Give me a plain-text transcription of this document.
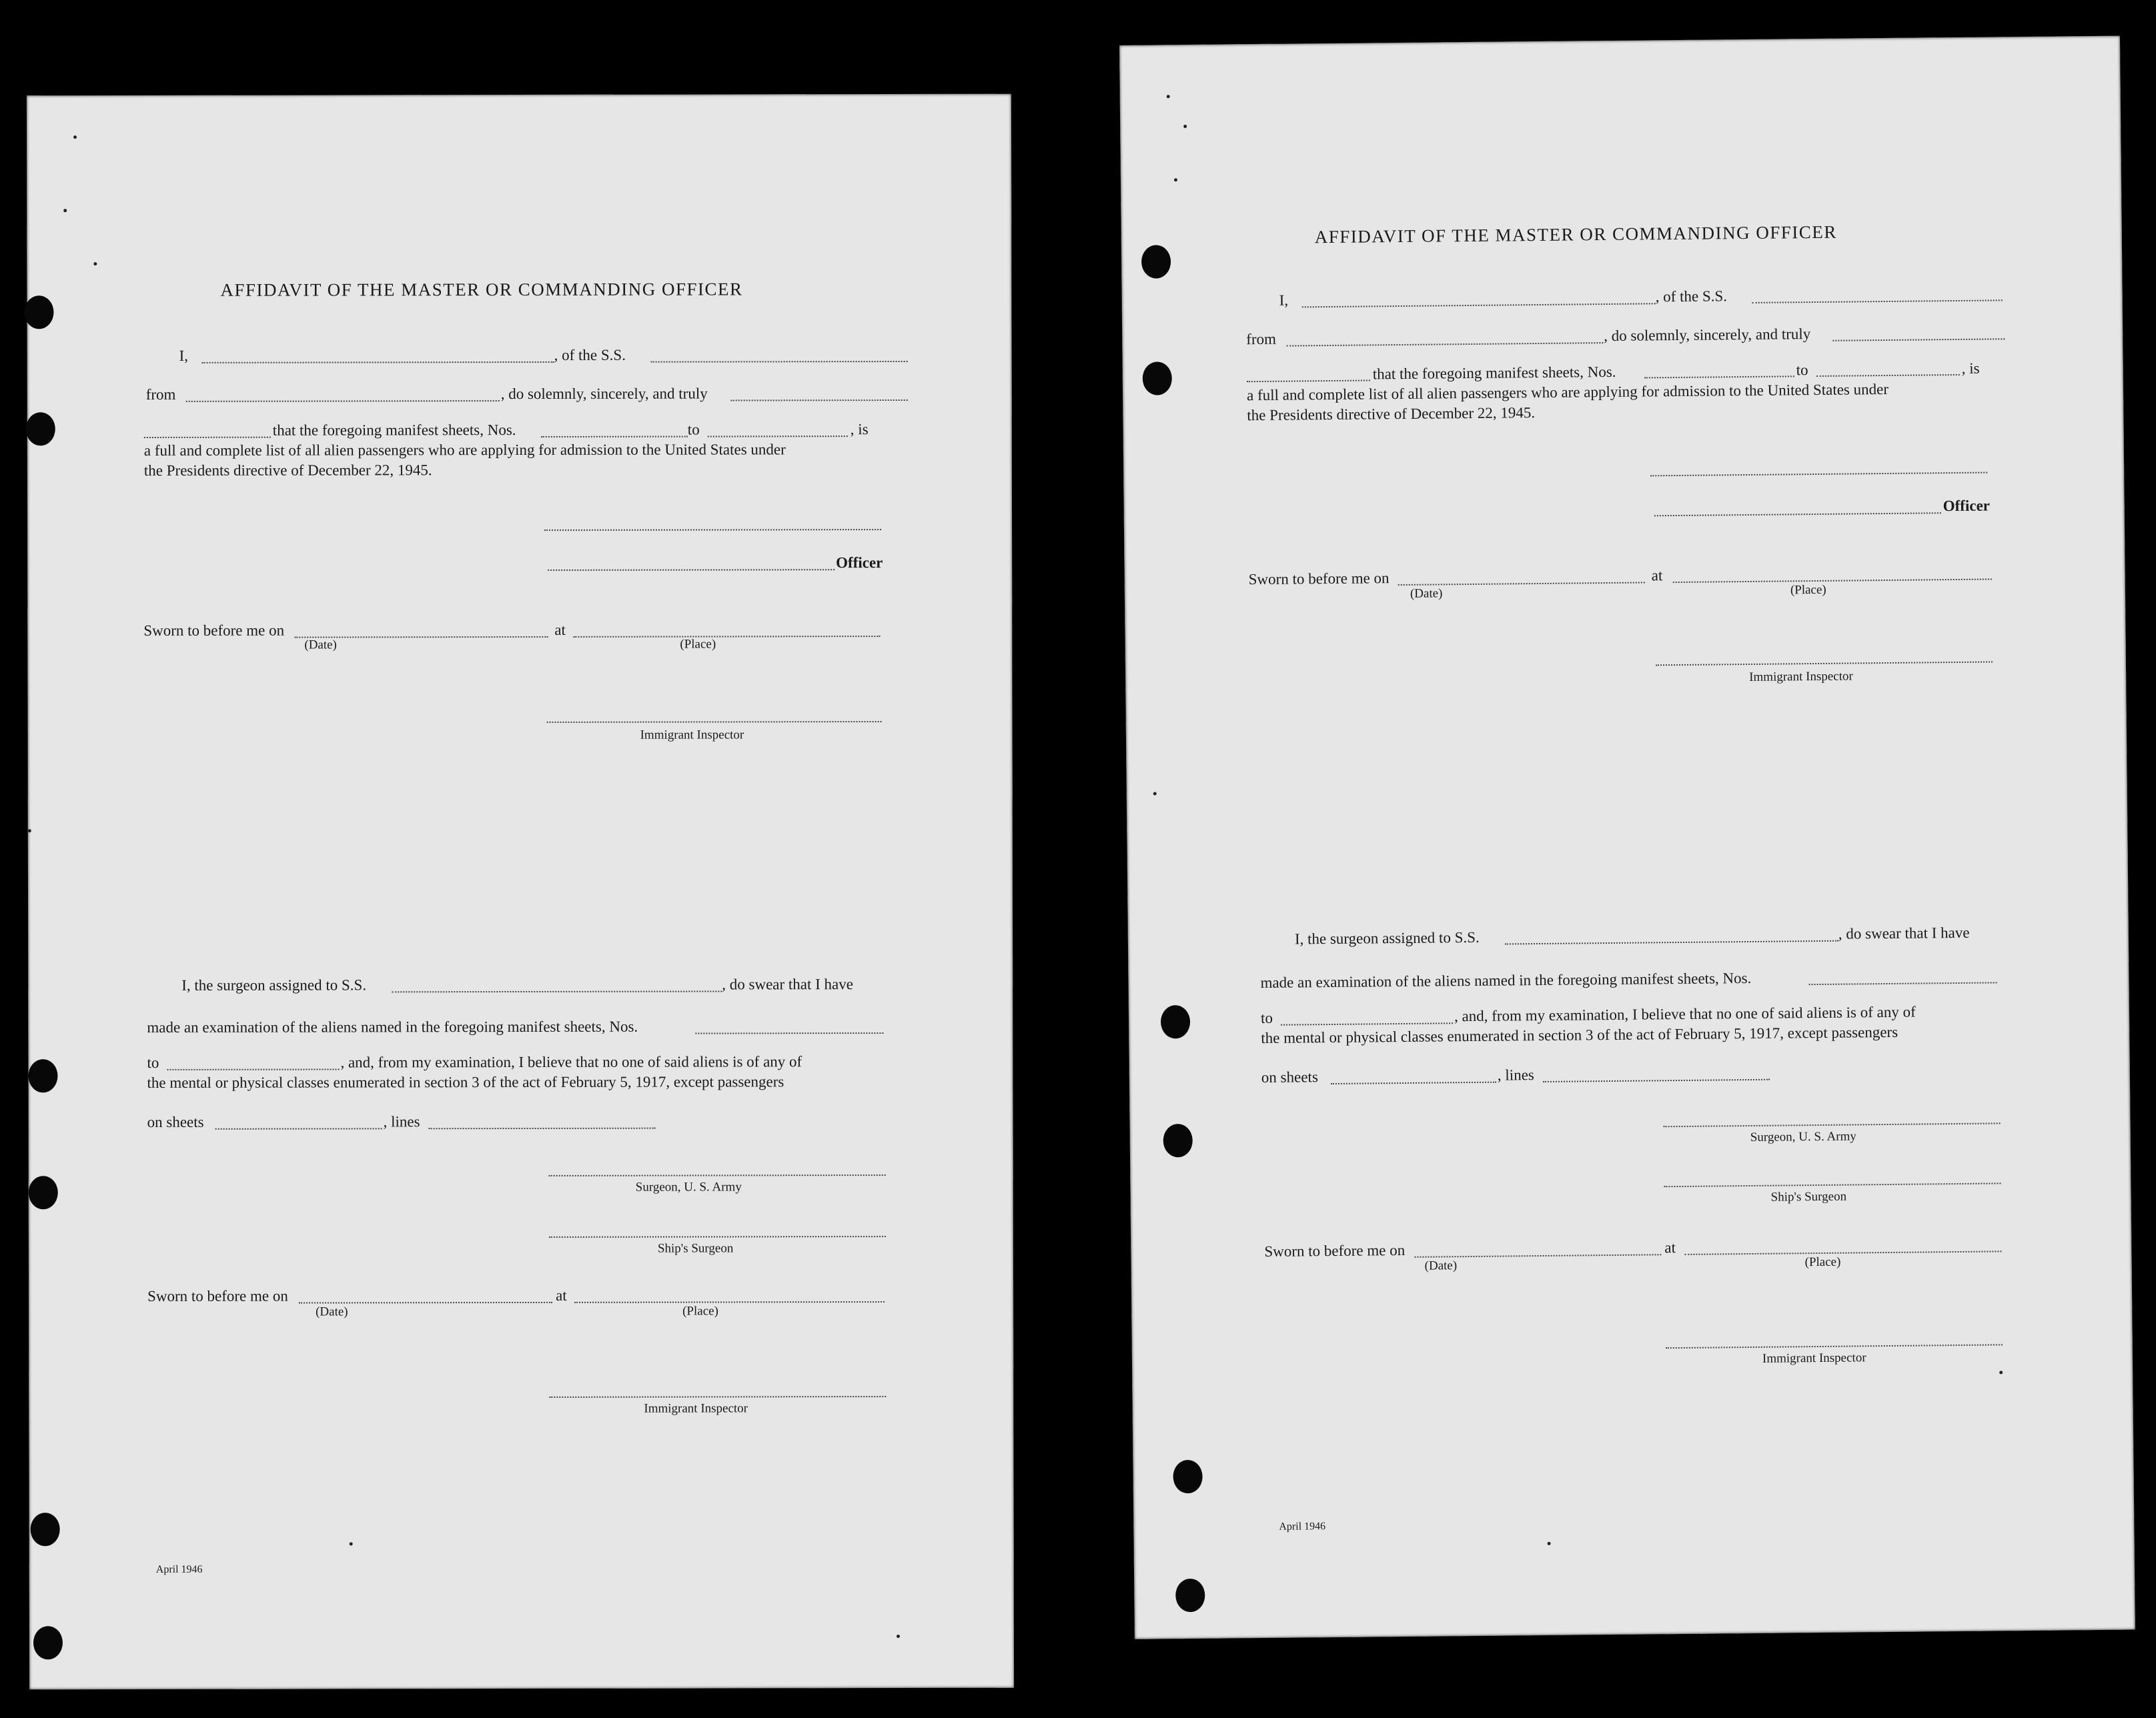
AFFIDAVIT OF THE MASTER OR COMMANDING OFFICER
I,	, of the S.S.
from	, do solemnly, sincerely, and truly
that the foregoing manifest sheets, Nos.	to	, is
a full and complete list of all alien passengers who are applying for admission to the United States under
the Presidents directive of December 22, 1945.
Officer
Sworn to before me on
(Date)
at
(Place)
Immigrant Inspector
I, the surgeon assigned to S.S.	, do swear that I have
made an examination of the aliens named in the foregoing manifest sheets, Nos.
to	, and, from my examination, I believe that no one of said aliens is of any of
the mental or physical classes enumerated in section 3 of the act of February 5, 1917, except passengers
on sheets	, lines
Surgeon, U. S. Army
Ship's Surgeon
Sworn to before me on
(Date)
at
(Place)
Immigrant Inspector
April 1946
AFFIDAVIT OF THE MASTER OR COMMANDING OFFICER
I,	, of the S.S.
from	, do solemnly, sincerely, and truly
that the foregoing manifest sheets, Nos.	to	, is
a full and complete list of all alien passengers who are applying for admission to the United States under
the Presidents directive of December 22, 1945.
Officer
Sworn to before me on
(Date)
at
(Place)
Immigrant Inspector
I, the surgeon assigned to S.S.	, do swear that I have
made an examination of the aliens named in the foregoing manifest sheets, Nos.
to	, and, from my examination, I believe that no one of said aliens is of any of
the mental or physical classes enumerated in section 3 of the act of February 5, 1917, except passengers
on sheets	, lines
Surgeon, U. S. Army
Ship's Surgeon
Sworn to before me on
(Date)
at
(Place)
Immigrant Inspector
April 1946
